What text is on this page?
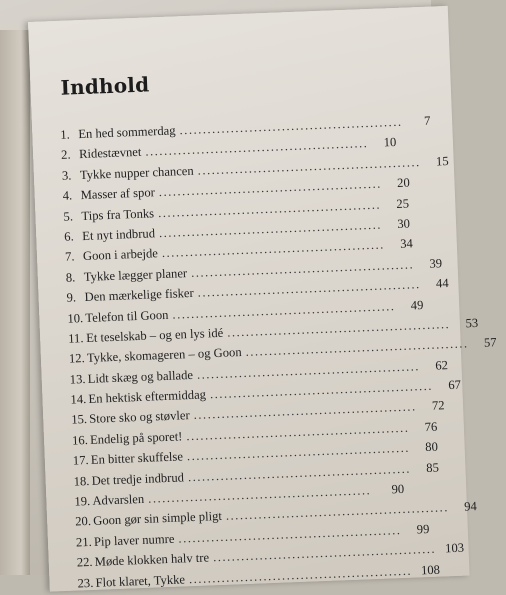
Indhold
1. En hed sommerdag ................................................	7
2. Ridestævnet ................................................	10
3. Tykke nupper chancen ................................................	15
4. Masser af spor ................................................	20
5. Tips fra Tonks ................................................	25
6. Et nyt indbrud ................................................	30
7. Goon i arbejde ................................................	34
8. Tykke lægger planer ................................................	39
9. Den mærkelige fisker ................................................	44
10. Telefon til Goon ................................................	49
11. Et teselskab – og en lys idé ................................................	53
12. Tykke, skomageren – og Goon ................................................	57
13. Lidt skæg og ballade ................................................	62
14. En hektisk eftermiddag ................................................	67
15. Store sko og støvler ................................................	72
16. Endelig på sporet! ................................................	76
17. En bitter skuffelse ................................................	80
18. Det tredje indbrud ................................................	85
19. Advarslen ................................................	90
20. Goon gør sin simple pligt ................................................	94
21. Pip laver numre ................................................	99
22. Møde klokken halv tre ................................................ 103
23. Flot klaret, Tykke ................................................ 108
